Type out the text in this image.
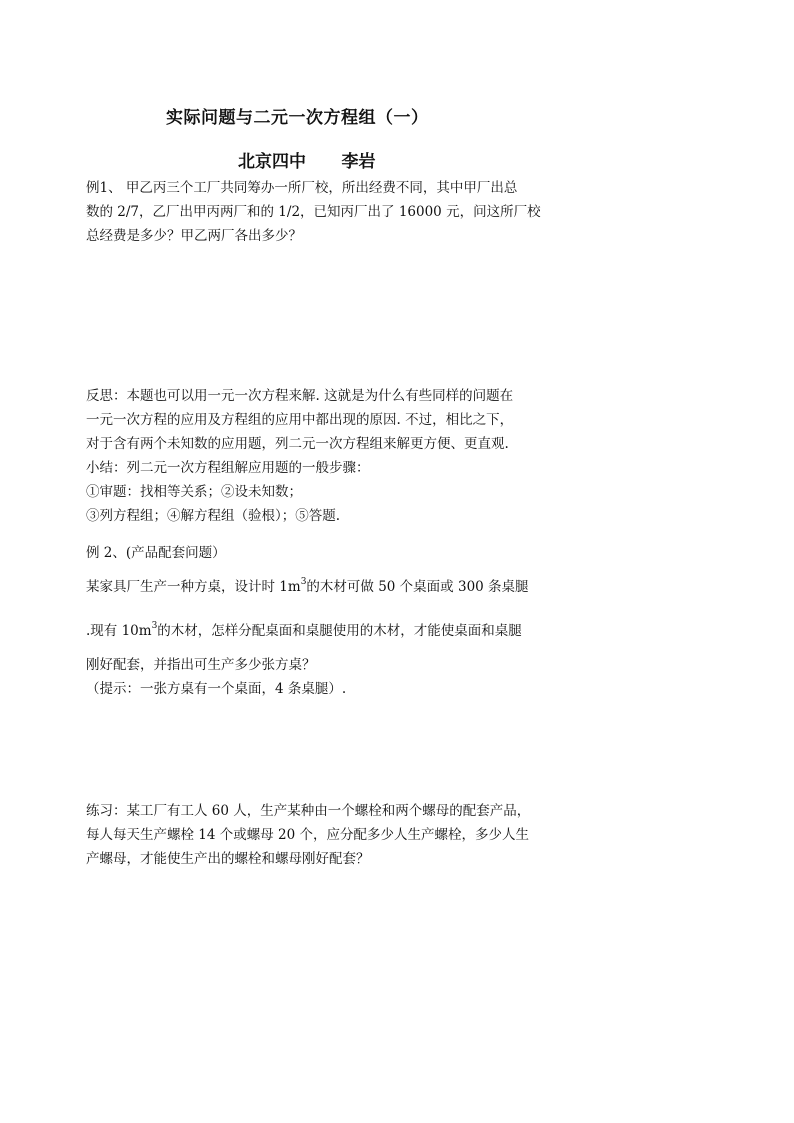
实际问题与二元一次方程组（一）
北京四中      李岩
例1、 甲乙丙三个工厂共同筹办一所厂校，所出经费不同，其中甲厂出总
数的 2/7，乙厂出甲丙两厂和的 1/2，已知丙厂出了 16000 元，问这所厂校
总经费是多少？甲乙两厂各出多少？
反思：本题也可以用一元一次方程来解. 这就是为什么有些同样的问题在
一元一次方程的应用及方程组的应用中都出现的原因. 不过，相比之下，
对于含有两个未知数的应用题，列二元一次方程组来解更方便、更直观.
小结：列二元一次方程组解应用题的一般步骤：
①审题：找相等关系；②设未知数；
③列方程组；④解方程组（验根）；⑤答题.
例 2、(产品配套问题）
某家具厂生产一种方桌，设计时 $1m^3$的木材可做 50 个桌面或 300 条桌腿
.现有 $10m^3$的木材，怎样分配桌面和桌腿使用的木材，才能使桌面和桌腿
刚好配套，并指出可生产多少张方桌？
（提示：一张方桌有一个桌面，4 条桌腿）.
练习：某工厂有工人 60 人，生产某种由一个螺栓和两个螺母的配套产品，
每人每天生产螺栓 14 个或螺母 20 个，应分配多少人生产螺栓，多少人生
产螺母，才能使生产出的螺栓和螺母刚好配套？
